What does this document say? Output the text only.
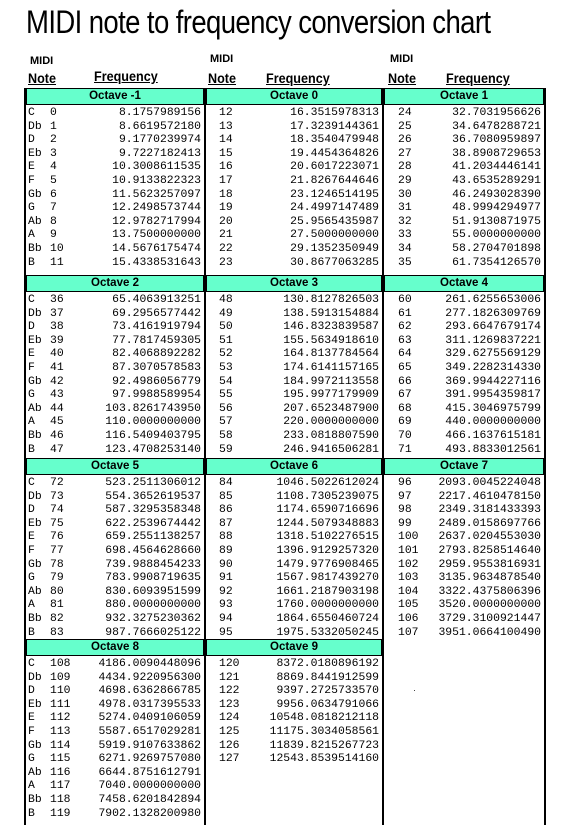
MIDI note to frequency conversion chart
MIDI
Note	Frequency
MIDI
Note Frequency
MIDI
Note Frequency
Octave -1
C 0	8.1757989156
Db 1	8.6619572180
D 2	9.1770239974
Eb 3	9.7227182413
E 4	10.3008611535
F 5	10.9133822323
Gb 6	11.5623257097
G 7	12.2498573744
Ab 8	12.9782717994
A 9	13.7500000000
Bb 10	14.5676175474
B 11	15.4338531643
Octave 2
C 36	65.4063913251
Db 37	69.2956577442
D 38	73.4161919794
Eb 39	77.7817459305
E 40	82.4068892282
F 41	87.3070578583
Gb 42	92.4986056779
G 43	97.9988589954
Ab 44	103.8261743950
A 45	110.0000000000
Bb 46	116.5409403795
B 47	123.4708253140
Octave 5
C 72	523.2511306012
Db 73	554.3652619537
D 74	587.3295358348
Eb 75	622.2539674442
E 76	659.2551138257
F 77	698.4564628660
Gb 78	739.9888454233
G 79	783.9908719635
Ab 80	830.6093951599
A 81	880.0000000000
Bb 82	932.3275230362
B 83	987.7666025122
Octave 8
C 108 4186.0090448096
Db 109 4434.9220956300
D 110 4698.6362866785
Eb 111 4978.0317395533
E 112 5274.0409106059
F 113 5587.6517029281
Gb 114 5919.9107633862
G 115 6271.9269757080
Ab 116 6644.8751612791
A 117 7040.0000000000
Bb 118 7458.6201842894
B 119 7902.1328200980
Octave 0
12	16.3515978313
13	17.3239144361
14	18.3540479948
15	19.4454364826
16	20.6017223071
17	21.8267644646
18	23.1246514195
19	24.4997147489
20	25.9565435987
21	27.5000000000
22	29.1352350949
23	30.8677063285
Octave 3
48	130.8127826503
49	138.5913154884
50	146.8323839587
51	155.5634918610
52	164.8137784564
53	174.6141157165
54	184.9972113558
55	195.9977179909
56	207.6523487900
57	220.0000000000
58	233.0818807590
59	246.9416506281
Octave 6
84	1046.5022612024
85	1108.7305239075
86	1174.6590716696
87	1244.5079348883
88	1318.5102276515
89	1396.9129257320
90	1479.9776908465
91	1567.9817439270
92	1661.2187903198
93	1760.0000000000
94	1864.6550460724
95	1975.5332050245
Octave 9
120	8372.0180896192
121	8869.8441912599
122	9397.2725733570
123	9956.0634791066
124	10548.0818212118
125	11175.3034058561
126	11839.8215267723
127	12543.8539514160
Octave 1
24	32.7031956626
25	34.6478288721
26	36.7080959897
27	38.8908729653
28	41.2034446141
29	43.6535289291
30	46.2493028390
31	48.9994294977
32	51.9130871975
33	55.0000000000
34	58.2704701898
35	61.7354126570
Octave 4
60	261.6255653006
61	277.1826309769
62	293.6647679174
63	311.1269837221
64	329.6275569129
65	349.2282314330
66	369.9944227116
67	391.9954359817
68	415.3046975799
69	440.0000000000
70	466.1637615181
71	493.8833012561
Octave 7
96 2093.0045224048
97 2217.4610478150
98 2349.3181433393
99 2489.0158697766
100 2637.0204553030
101 2793.8258514640
102 2959.9553816931
103 3135.9634878540
104 3322.4375806396
105 3520.0000000000
106 3729.3100921447
107 3951.0664100490
